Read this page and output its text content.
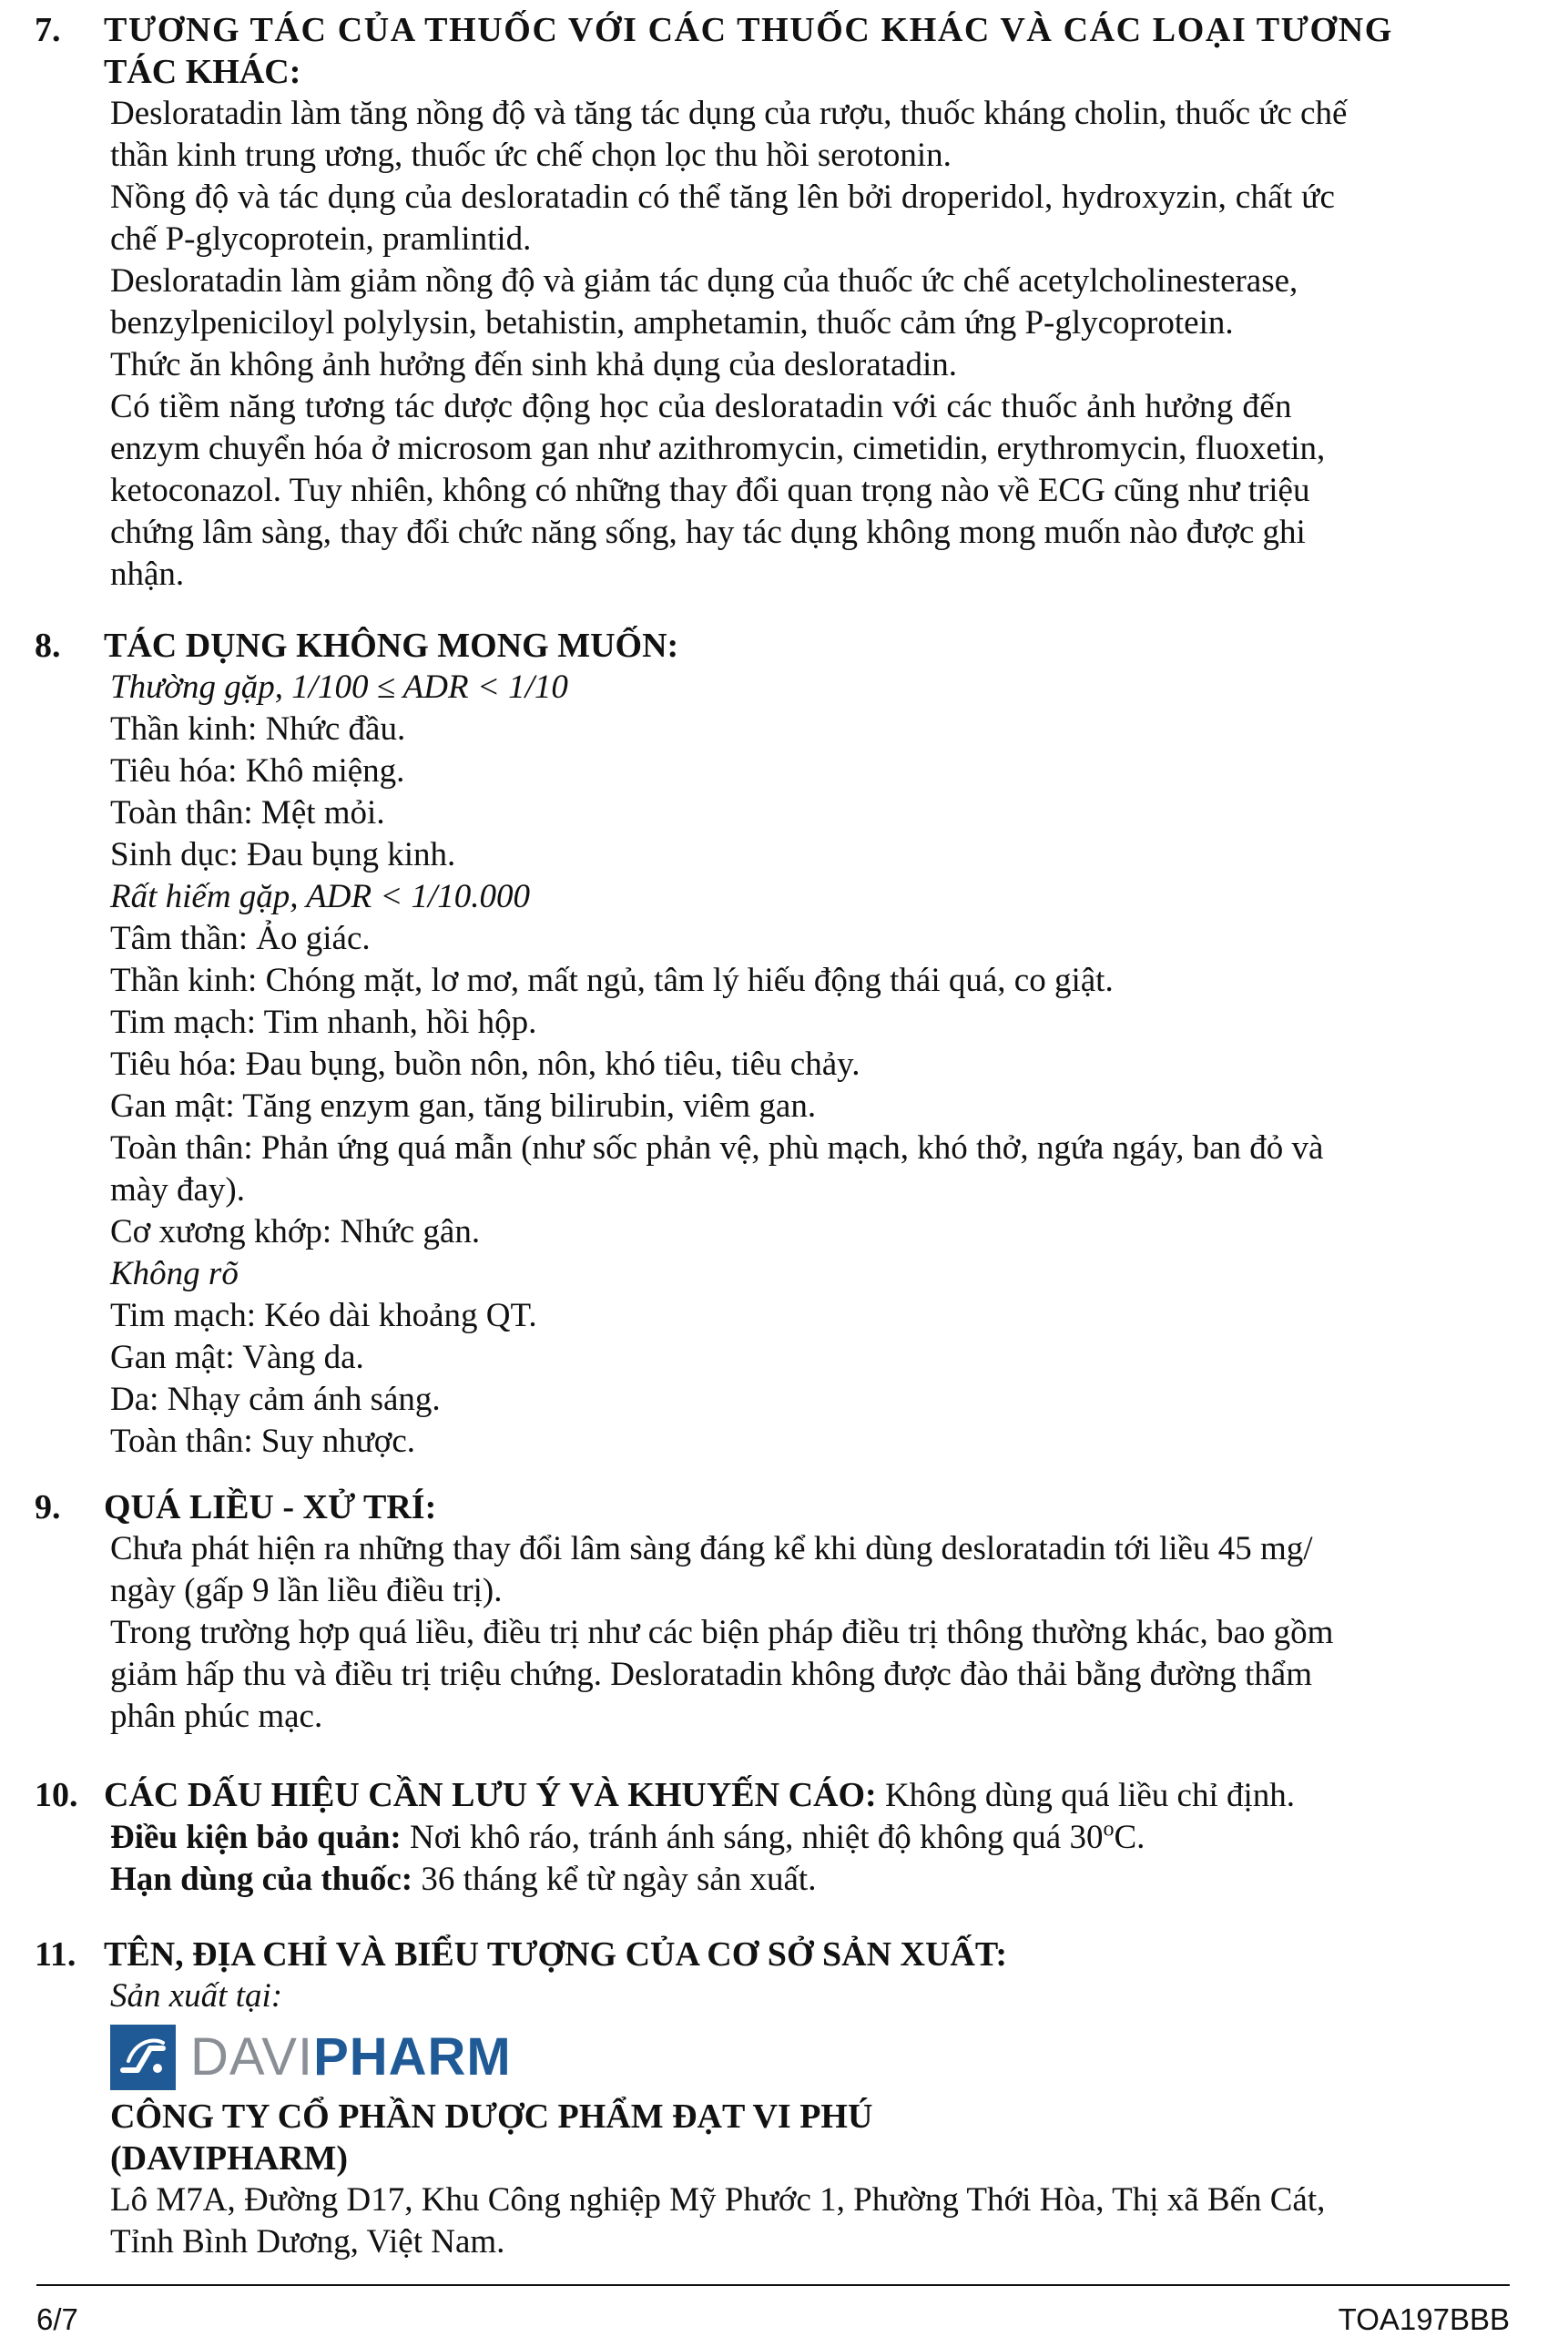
7. TƯƠNG TÁC CỦA THUỐC VỚI CÁC THUỐC KHÁC VÀ CÁC LOẠI TƯƠNG
TÁC KHÁC:
Desloratadin làm tăng nồng độ và tăng tác dụng của rượu, thuốc kháng cholin, thuốc ức chế
thần kinh trung ương, thuốc ức chế chọn lọc thu hồi serotonin.
Nồng độ và tác dụng của desloratadin có thể tăng lên bởi droperidol, hydroxyzin, chất ức
chế P-glycoprotein, pramlintid.
Desloratadin làm giảm nồng độ và giảm tác dụng của thuốc ức chế acetylcholinesterase,
benzylpeniciloyl polylysin, betahistin, amphetamin, thuốc cảm ứng P-glycoprotein.
Thức ăn không ảnh hưởng đến sinh khả dụng của desloratadin.
Có tiềm năng tương tác dược động học của desloratadin với các thuốc ảnh hưởng đến
enzym chuyển hóa ở microsom gan như azithromycin, cimetidin, erythromycin, fluoxetin,
ketoconazol. Tuy nhiên, không có những thay đổi quan trọng nào về ECG cũng như triệu
chứng lâm sàng, thay đổi chức năng sống, hay tác dụng không mong muốn nào được ghi
nhận.
8. TÁC DỤNG KHÔNG MONG MUỐN:
Thường gặp, 1/100 ≤ ADR < 1/10
Thần kinh: Nhức đầu.
Tiêu hóa: Khô miệng.
Toàn thân: Mệt mỏi.
Sinh dục: Đau bụng kinh.
Rất hiếm gặp, ADR < 1/10.000
Tâm thần: Ảo giác.
Thần kinh: Chóng mặt, lơ mơ, mất ngủ, tâm lý hiếu động thái quá, co giật.
Tim mạch: Tim nhanh, hồi hộp.
Tiêu hóa: Đau bụng, buồn nôn, nôn, khó tiêu, tiêu chảy.
Gan mật: Tăng enzym gan, tăng bilirubin, viêm gan.
Toàn thân: Phản ứng quá mẫn (như sốc phản vệ, phù mạch, khó thở, ngứa ngáy, ban đỏ và
mày đay).
Cơ xương khớp: Nhức gân.
Không rõ
Tim mạch: Kéo dài khoảng QT.
Gan mật: Vàng da.
Da: Nhạy cảm ánh sáng.
Toàn thân: Suy nhược.
9. QUÁ LIỀU - XỬ TRÍ:
Chưa phát hiện ra những thay đổi lâm sàng đáng kể khi dùng desloratadin tới liều 45 mg/
ngày (gấp 9 lần liều điều trị).
Trong trường hợp quá liều, điều trị như các biện pháp điều trị thông thường khác, bao gồm
giảm hấp thu và điều trị triệu chứng. Desloratadin không được đào thải bằng đường thẩm
phân phúc mạc.
10. CÁC DẤU HIỆU CẦN LƯU Ý VÀ KHUYẾN CÁO: Không dùng quá liều chỉ định.
Điều kiện bảo quản: Nơi khô ráo, tránh ánh sáng, nhiệt độ không quá 30$^o$C.
Hạn dùng của thuốc: 36 tháng kể từ ngày sản xuất.
11. TÊN, ĐỊA CHỈ VÀ BIỂU TƯỢNG CỦA CƠ SỞ SẢN XUẤT:
Sản xuất tại:
DAVIPHARM
CÔNG TY CỔ PHẦN DƯỢC PHẨM ĐẠT VI PHÚ
(DAVIPHARM)
Lô M7A, Đường D17, Khu Công nghiệp Mỹ Phước 1, Phường Thới Hòa, Thị xã Bến Cát,
Tỉnh Bình Dương, Việt Nam.
6/7	TOA197BBB
